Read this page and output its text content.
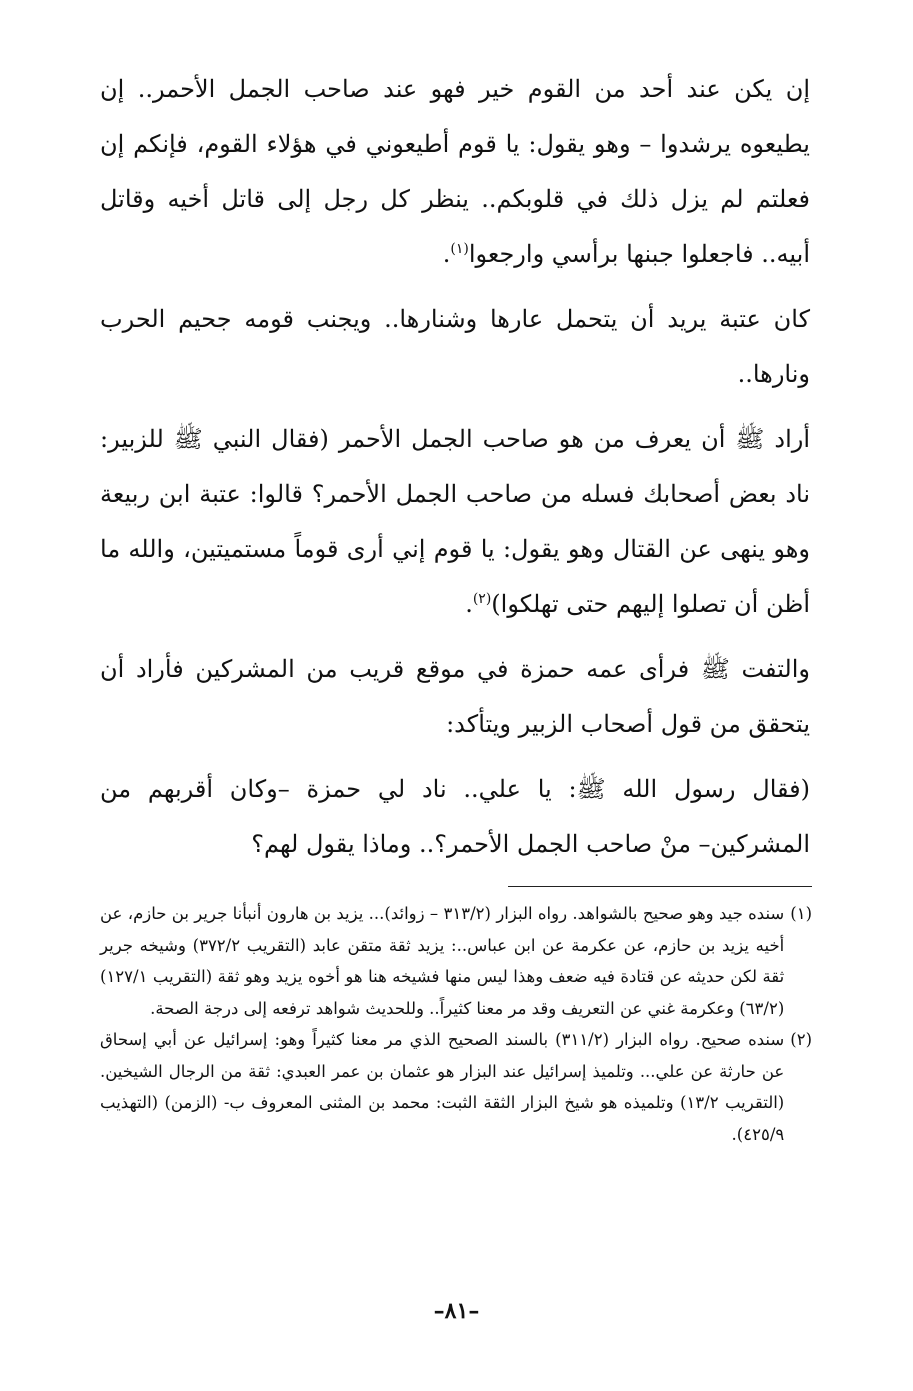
إن يكن عند أحد من القوم خير فهو عند صاحب الجمل الأحمر.. إن يطيعوه يرشدوا – وهو يقول: يا قوم أطيعوني في هؤلاء القوم، فإنكم إن فعلتم لم يزل ذلك في قلوبكم.. ينظر كل رجل إلى قاتل أخيه وقاتل أبيه.. فاجعلوا جبنها برأسي وارجعوا$^{(١)}$.

كان عتبة يريد أن يتحمل عارها وشنارها.. ويجنب قومه جحيم الحرب ونارها..

أراد ﷺ أن يعرف من هو صاحب الجمل الأحمر (فقال النبي ﷺ للزبير: ناد بعض أصحابك فسله من صاحب الجمل الأحمر؟ قالوا: عتبة ابن ربيعة وهو ينهى عن القتال وهو يقول: يا قوم إني أرى قوماً مستميتين، والله ما أظن أن تصلوا إليهم حتى تهلكوا)$^{(٢)}$.

والتفت ﷺ فرأى عمه حمزة في موقع قريب من المشركين فأراد أن يتحقق من قول أصحاب الزبير ويتأكد:

(فقال رسول الله ﷺ: يا علي.. ناد لي حمزة –وكان أقربهم من المشركين– منْ صاحب الجمل الأحمر؟.. وماذا يقول لهم؟

(١)
سنده جيد وهو صحيح بالشواهد. رواه البزار (٣١٣/٢ – زوائد)... يزيد بن هارون أنبأنا جرير بن حازم، عن أخيه يزيد بن حازم، عن عكرمة عن ابن عباس..: يزيد ثقة متقن عابد (التقريب ٣٧٢/٢) وشيخه جرير ثقة لكن حديثه عن قتادة فيه ضعف وهذا ليس منها فشيخه هنا هو أخوه يزيد وهو ثقة (التقريب ١٢٧/١) (٦٣/٢) وعكرمة غني عن التعريف وقد مر معنا كثيراً.. وللحديث شواهد ترفعه إلى درجة الصحة.
(٢)
سنده صحيح. رواه البزار (٣١١/٢) بالسند الصحيح الذي مر معنا كثيراً وهو: إسرائيل عن أبي إسحاق عن حارثة عن علي... وتلميذ إسرائيل عند البزار هو عثمان بن عمر العبدي: ثقة من الرجال الشيخين. (التقريب ١٣/٢) وتلميذه هو شيخ البزار الثقة الثبت: محمد بن المثنى المعروف ب- (الزمن) (التهذيب ٤٢٥/٩).
–٨١–
